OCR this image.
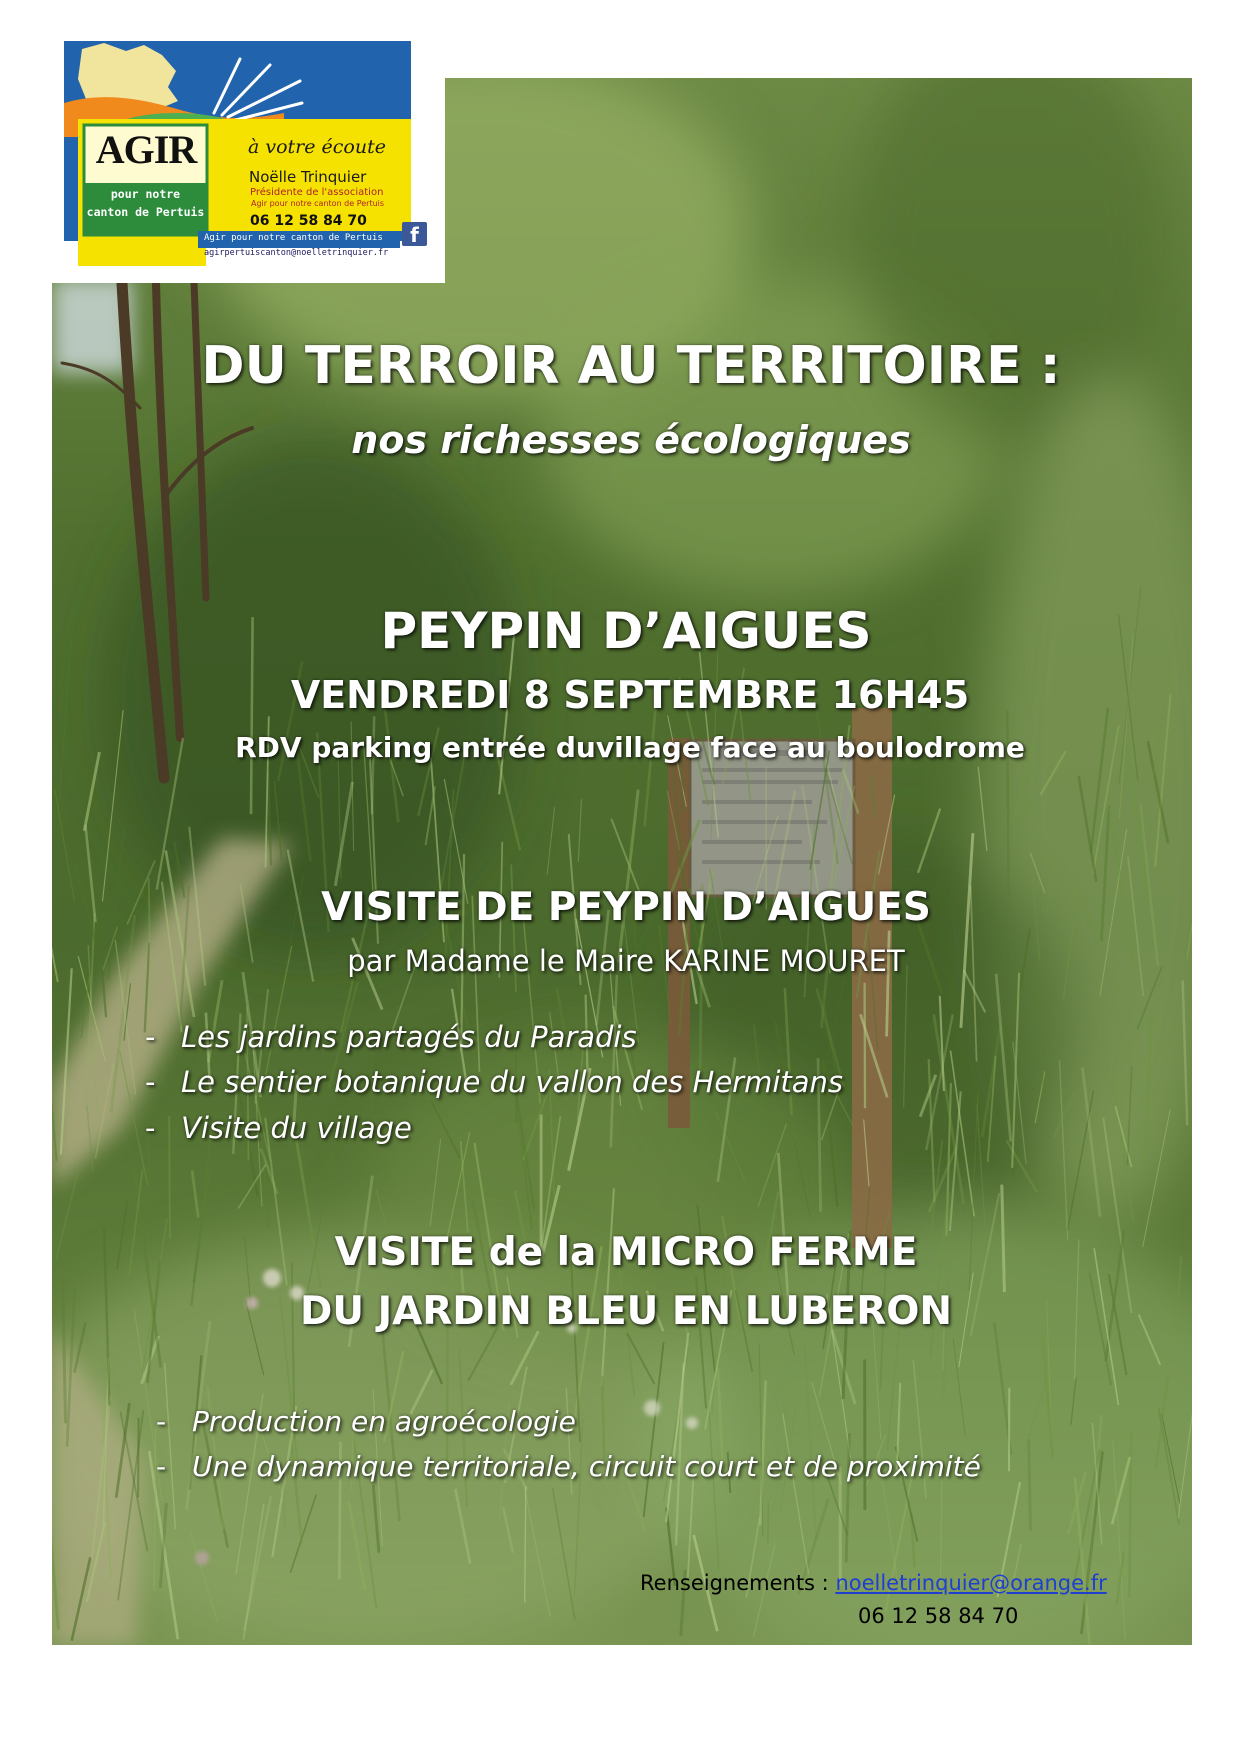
AGIR
pour notre
canton de Pertuis
à votre écoute
Noëlle Trinquier
Présidente de l'association
Agir pour notre canton de Pertuis
06 12 58 84 70
Agir pour notre canton de Pertuis	f
agirpertuiscanton@noelletrinquier.fr
DU TERROIR AU TERRITOIRE :
nos richesses écologiques
PEYPIN D’AIGUES
VENDREDI 8 SEPTEMBRE 16H45
RDV parking entrée duvillage face au boulodrome
VISITE DE PEYPIN D’AIGUES
par Madame le Maire KARINE MOURET
- Les jardins partagés du Paradis
- Le sentier botanique du vallon des Hermitans
- Visite du village
VISITE de la MICRO FERME
DU JARDIN BLEU EN LUBERON
- Production en agroécologie
- Une dynamique territoriale, circuit court et de proximité
Renseignements : noelletrinquier@orange.fr
06 12 58 84 70
